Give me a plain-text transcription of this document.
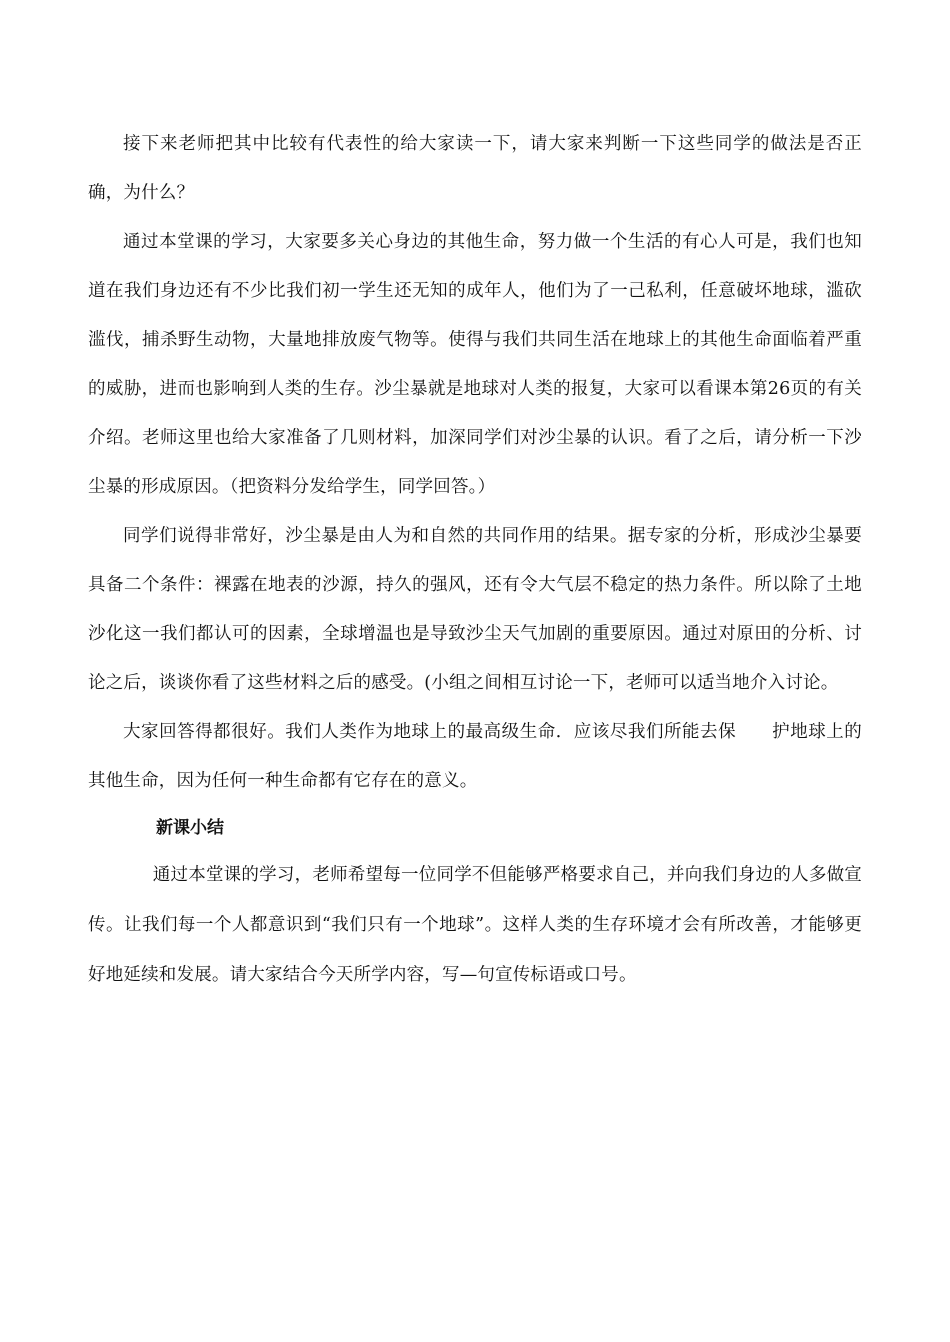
接下来老师把其中比较有代表性的给大家读一下，请大家来判断一下这些同学的做法是否正确，为什么？

通过本堂课的学习，大家要多关心身边的其他生命，努力做一个生活的有心人可是，我们也知道在我们身边还有不少比我们初一学生还无知的成年人，他们为了一己私利，任意破坏地球，滥砍滥伐，捕杀野生动物，大量地排放废气物等。使得与我们共同生活在地球上的其他生命面临着严重的威胁，进而也影响到人类的生存。沙尘暴就是地球对人类的报复，大家可以看课本第26页的有关介绍。老师这里也给大家准备了几则材料，加深同学们对沙尘暴的认识。看了之后，请分析一下沙尘暴的形成原因。（把资料分发给学生，同学回答。）

同学们说得非常好，沙尘暴是由人为和自然的共同作用的结果。据专家的分析，形成沙尘暴要具备二个条件：裸露在地表的沙源，持久的强风，还有令大气层不稳定的热力条件。所以除了土地沙化这一我们都认可的因素，全球增温也是导致沙尘天气加剧的重要原因。通过对原田的分析、讨论之后，谈谈你看了这些材料之后的感受。(小组之间相互讨论一下，老师可以适当地介入讨论。

大家回答得都很好。我们人类作为地球上的最高级生命．应该尽我们所能去保　　护地球上的其他生命，因为任何一种生命都有它存在的意义。

新课小结

通过本堂课的学习，老师希望每一位同学不但能够严格要求自己，并向我们身边的人多做宣传。让我们每一个人都意识到“我们只有一个地球”。这样人类的生存环境才会有所改善，才能够更好地延续和发展。请大家结合今天所学内容，写—句宣传标语或口号。
